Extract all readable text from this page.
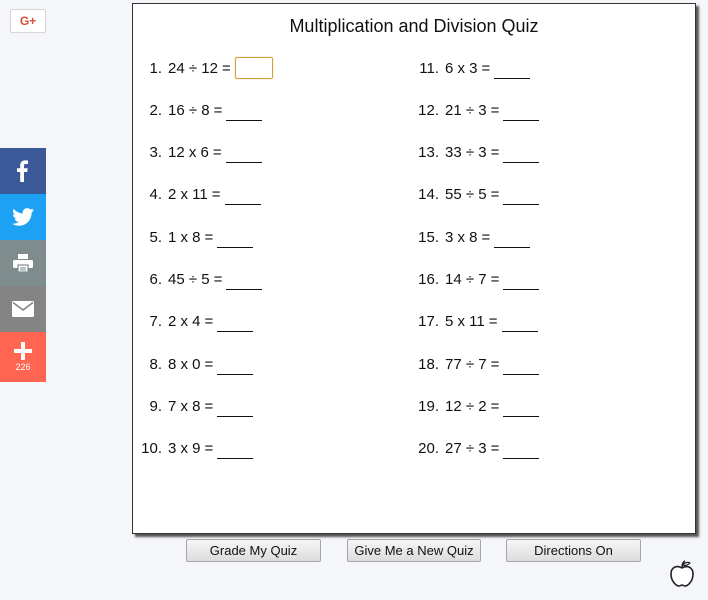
G+
226
Multiplication and Division Quiz
1. 24 ÷ 12 =
2. 16 ÷ 8 =
3. 12 x 6 =
4. 2 x 11 =
5. 1 x 8 =
6. 45 ÷ 5 =
7. 2 x 4 =
8. 8 x 0 =
9. 7 x 8 =
10. 3 x 9 =
11. 6 x 3 =
12. 21 ÷ 3 =
13. 33 ÷ 3 =
14. 55 ÷ 5 =
15. 3 x 8 =
16. 14 ÷ 7 =
17. 5 x 11 =
18. 77 ÷ 7 =
19. 12 ÷ 2 =
20. 27 ÷ 3 =
Grade My Quiz	Give Me a New Quiz	Directions On
